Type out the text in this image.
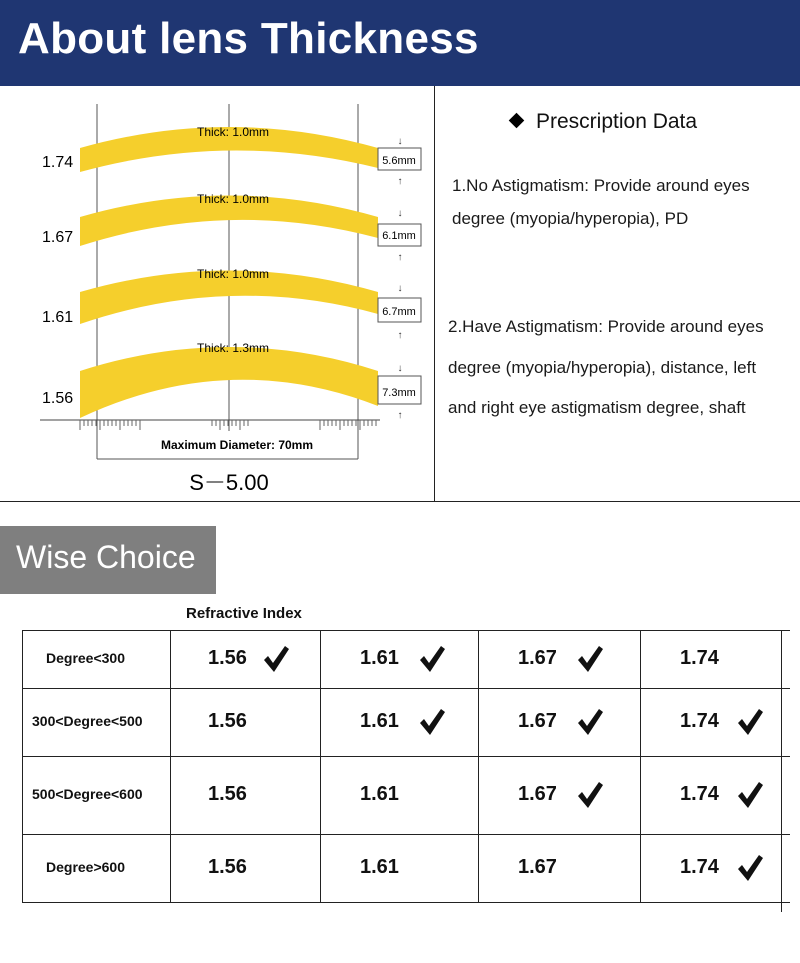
About lens Thickness
Thick: 1.0mm
1.74	5.6mm
↓
↑
Thick: 1.0mm
1.67	6.1mm
↓
↑
Thick: 1.0mm
1.61	6.7mm
↓
↑
Thick: 1.3mm
1.56	7.3mm
↓
↑
Maximum Diameter: 70mm
S－5.00
Prescription Data
1.No Astigmatism: Provide around eyes
degree (myopia/hyperopia), PD
2.Have Astigmatism: Provide around eyes
degree (myopia/hyperopia), distance, left
and right eye astigmatism degree, shaft
Wise Choice
Refractive Index
Degree<300	1.56	1.61	1.67	1.74
300<Degree<500	1.56	1.61	1.67	1.74
500<Degree<600	1.56	1.61	1.67	1.74
Degree>600	1.56	1.61	1.67	1.74
